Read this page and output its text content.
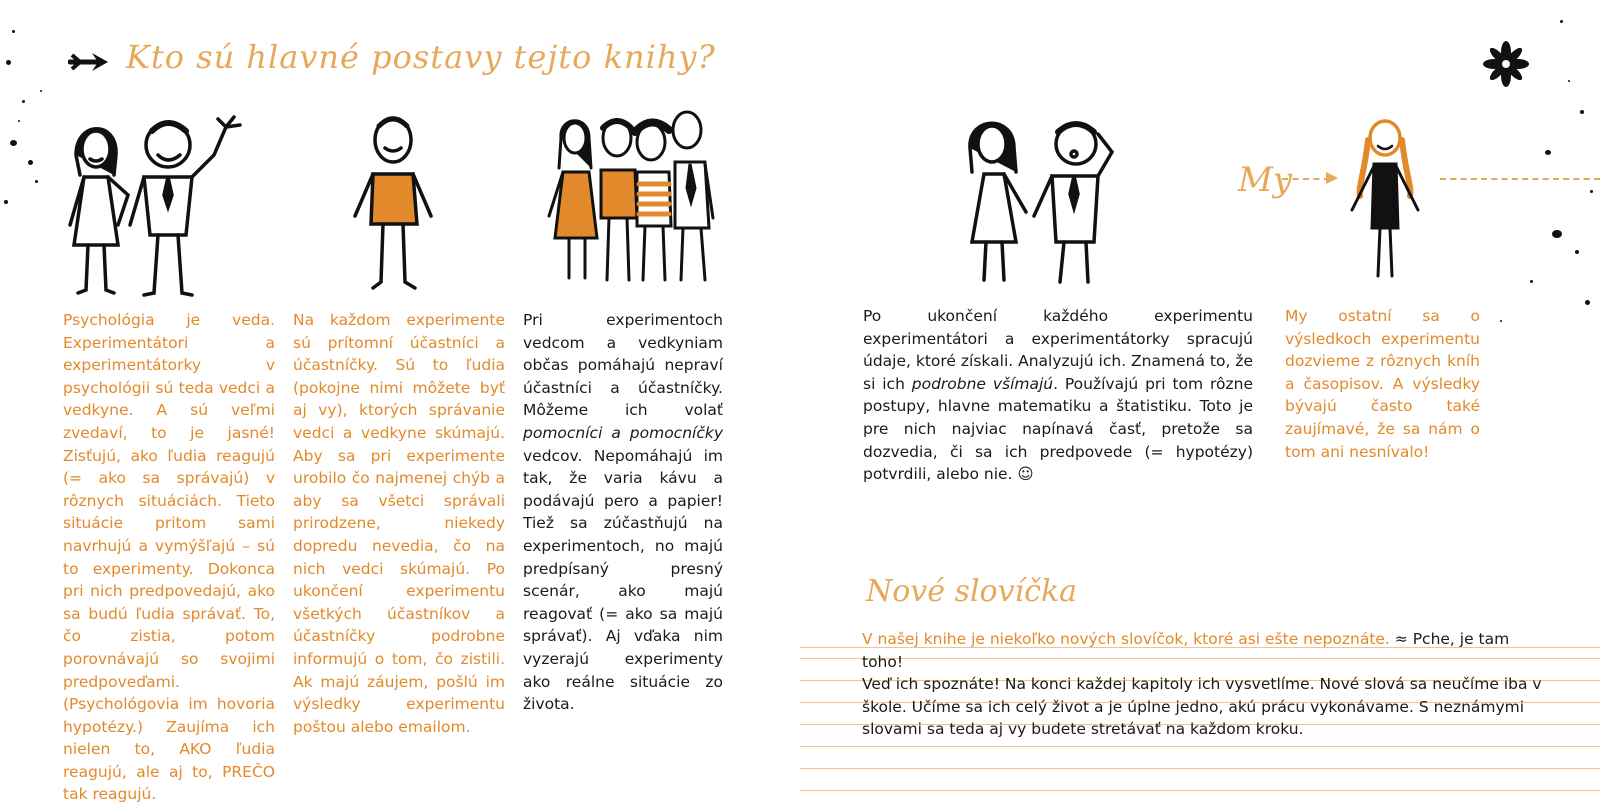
Kto sú hlavné postavy tejto knihy?
My

Psychológia je veda. Experimentátori a experimentátorky v psychológii sú teda vedci a vedkyne. A sú veľmi zvedaví, to je jasné! Zisťujú, ako ľudia reagujú (= ako sa správajú) v rôznych situáciách. Tieto situácie pritom sami navrhujú a vymýšľajú – sú to experimenty. Dokonca pri nich predpovedajú, ako sa budú ľudia správať. To, čo zistia, potom porovnávajú so svojimi predpoveďami. (Psychológovia im hovoria hypotézy.) Zaujíma ich nielen to, AKO ľudia reagujú, ale aj to, PREČO tak reagujú.

Na každom experimente sú prítomní účastníci a účastníčky. Sú to ľudia (pokojne nimi môžete byť aj vy), ktorých správanie vedci a vedkyne skúmajú. Aby sa pri experimente urobilo čo najmenej chýb a aby sa všetci správali prirodzene, niekedy dopredu nevedia, čo na nich vedci skúmajú. Po ukončení experimentu všetkých účastníkov a účastníčky podrobne informujú o tom, čo zistili. Ak majú záujem, pošlú im výsledky experimentu poštou alebo emailom.

Pri experimentoch vedcom a vedkyniam občas pomáhajú nepraví účastníci a účastníčky. Môžeme ich volať pomocníci a pomocníčky vedcov. Nepomáhajú im tak, že varia kávu a podávajú pero a papier! Tiež sa zúčastňujú na experimentoch, no majú predpísaný presný scenár, ako majú reagovať (= ako sa majú správať). Aj vďaka nim vyzerajú experimenty ako reálne situácie zo života.

Po ukončení každého experimentu experimentátori a experimentátorky spracujú údaje, ktoré získali. Analyzujú ich. Znamená to, že si ich podrobne všímajú. Používajú pri tom rôzne postupy, hlavne matematiku a štatistiku. Toto je pre nich najviac napínavá časť, pretože sa dozvedia, či sa ich predpovede (= hypotézy) potvrdili, alebo nie. ☺

My ostatní sa o výsledkoch experimentu dozvieme z rôznych kníh a časopisov. A výsledky bývajú často také zaujímavé, že sa nám o tom ani nesnívalo!

Nové slovíčka

V našej knihe je niekoľko nových slovíčok, ktoré asi ešte nepoznáte. ≈ Pche, je tam toho!

Veď ich spoznáte! Na konci každej kapitoly ich vysvetlíme. Nové slová sa neučíme iba v škole. Učíme sa ich celý život a je úplne jedno, akú prácu vykonávame. S neznámymi slovami sa teda aj vy budete stretávať na každom kroku.
